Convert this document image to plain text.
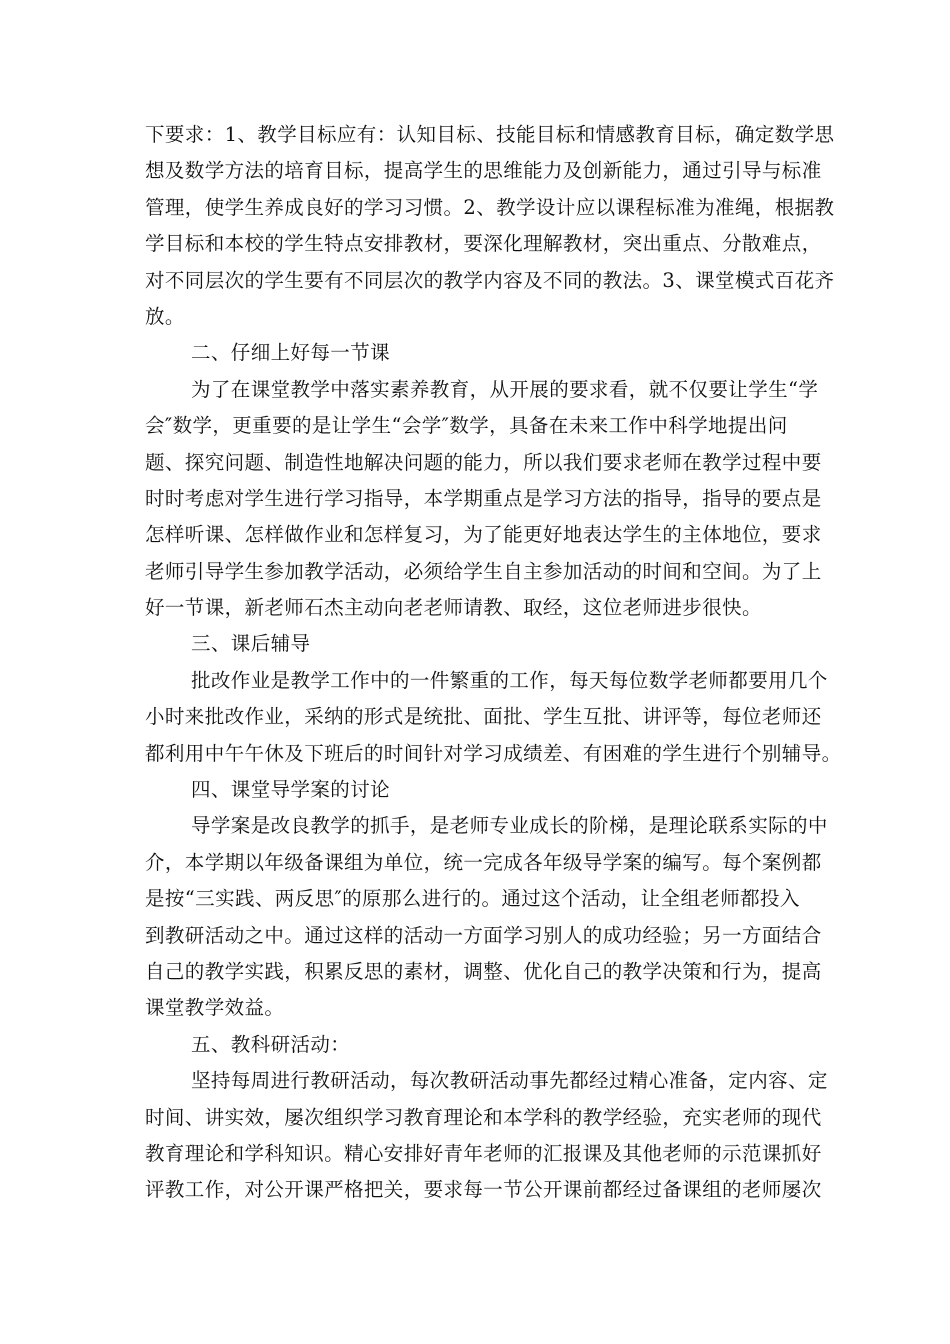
下要求：1、教学目标应有：认知目标、技能目标和情感教育目标，确定数学思
想及数学方法的培育目标，提高学生的思维能力及创新能力，通过引导与标准
管理，使学生养成良好的学习习惯。2、教学设计应以课程标准为准绳，根据教
学目标和本校的学生特点安排教材，要深化理解教材，突出重点、分散难点，
对不同层次的学生要有不同层次的教学内容及不同的教法。3、课堂模式百花齐
放。
二、仔细上好每一节课
为了在课堂教学中落实素养教育，从开展的要求看，就不仅要让学生“学
会″数学，更重要的是让学生“会学″数学，具备在未来工作中科学地提出问
题、探究问题、制造性地解决问题的能力，所以我们要求老师在教学过程中要
时时考虑对学生进行学习指导，本学期重点是学习方法的指导，指导的要点是
怎样听课、怎样做作业和怎样复习，为了能更好地表达学生的主体地位，要求
老师引导学生参加教学活动，必须给学生自主参加活动的时间和空间。为了上
好一节课，新老师石杰主动向老老师请教、取经，这位老师进步很快。
三、课后辅导
批改作业是教学工作中的一件繁重的工作，每天每位数学老师都要用几个
小时来批改作业，采纳的形式是统批、面批、学生互批、讲评等，每位老师还
都利用中午午休及下班后的时间针对学习成绩差、有困难的学生进行个别辅导。
四、课堂导学案的讨论
导学案是改良教学的抓手，是老师专业成长的阶梯，是理论联系实际的中
介，本学期以年级备课组为单位，统一完成各年级导学案的编写。每个案例都
是按“三实践、两反思″的原那么进行的。通过这个活动，让全组老师都投入
到教研活动之中。通过这样的活动一方面学习别人的成功经验；另一方面结合
自己的教学实践，积累反思的素材，调整、优化自己的教学决策和行为，提高
课堂教学效益。
五、教科研活动：
坚持每周进行教研活动，每次教研活动事先都经过精心准备，定内容、定
时间、讲实效，屡次组织学习教育理论和本学科的教学经验，充实老师的现代
教育理论和学科知识。精心安排好青年老师的汇报课及其他老师的示范课抓好
评教工作，对公开课严格把关，要求每一节公开课前都经过备课组的老师屡次
